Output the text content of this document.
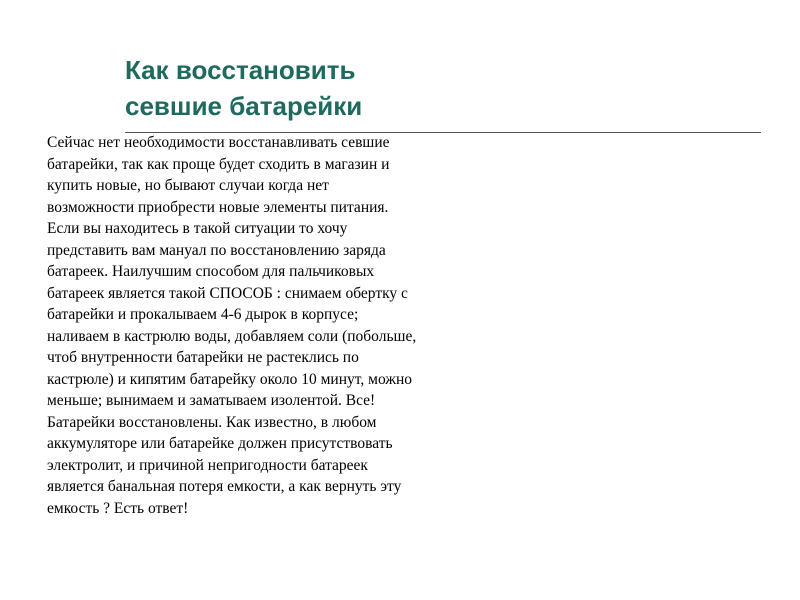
Как восстановить
севшие батарейки
Сейчас нет необходимости восстанавливать севшие
батарейки, так как проще будет сходить в магазин и
купить новые, но бывают случаи когда нет
возможности приобрести новые элементы питания.
Если вы находитесь в такой ситуации то хочу
представить вам мануал по восстановлению заряда
батареек. Наилучшим способом для пальчиковых
батареек является такой СПОСОБ : снимаем обертку с
батарейки и прокалываем 4-6 дырок в корпусе;
наливаем в кастрюлю воды, добавляем соли (побольше,
чтоб внутренности батарейки не растеклись по
кастрюле) и кипятим батарейку около 10 минут, можно
меньше; вынимаем и заматываем изолентой. Все!
Батарейки восстановлены. Как известно, в любом
аккумуляторе или батарейке должен присутствовать
электролит, и причиной непригодности батареек
является банальная потеря емкости, а как вернуть эту
емкость ? Есть ответ!
